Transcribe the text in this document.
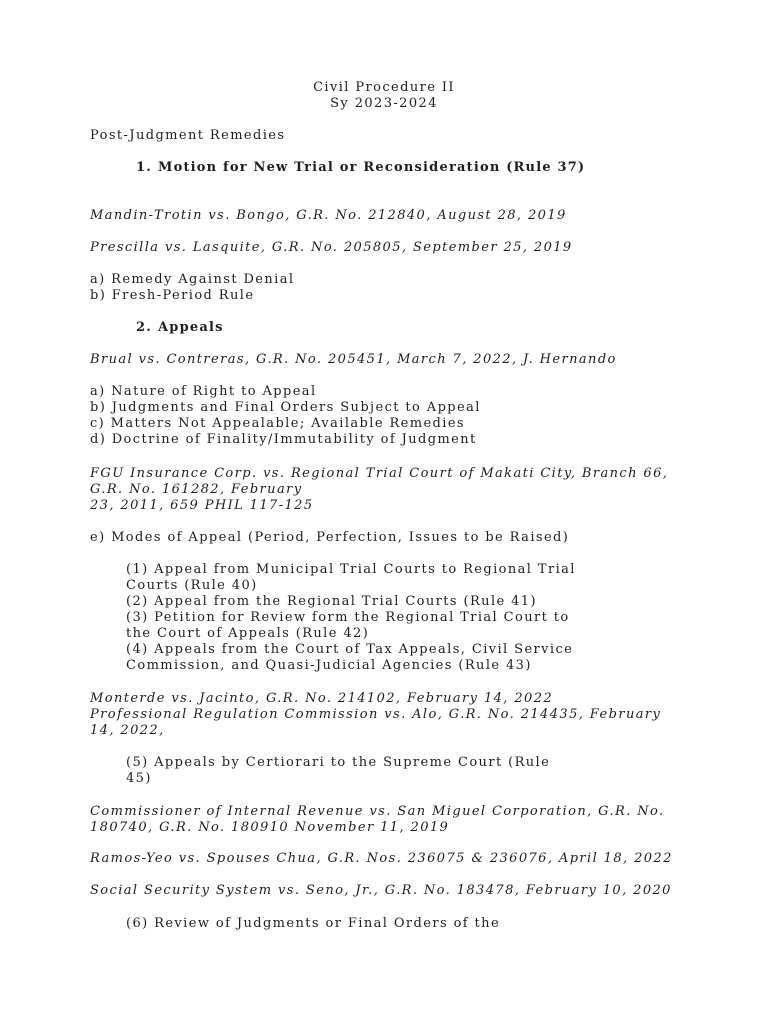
Civil Procedure II

Sy 2023-2024

Post-Judgment Remedies

1. Motion for New Trial or Reconsideration (Rule 37)

Mandin-Trotin vs. Bongo, G.R. No. 212840, August 28, 2019

Prescilla vs. Lasquite, G.R. No. 205805, September 25, 2019

a) Remedy Against Denial

b) Fresh-Period Rule

2. Appeals

Brual vs. Contreras, G.R. No. 205451, March 7, 2022, J. Hernando

a) Nature of Right to Appeal

b) Judgments and Final Orders Subject to Appeal

c) Matters Not Appealable; Available Remedies

d) Doctrine of Finality/Immutability of Judgment

FGU Insurance Corp. vs. Regional Trial Court of Makati City, Branch 66,

G.R. No. 161282, February

23, 2011, 659 PHIL 117-125

e) Modes of Appeal (Period, Perfection, Issues to be Raised)

(1) Appeal from Municipal Trial Courts to Regional Trial

Courts (Rule 40)

(2) Appeal from the Regional Trial Courts (Rule 41)

(3) Petition for Review form the Regional Trial Court to

the Court of Appeals (Rule 42)

(4) Appeals from the Court of Tax Appeals, Civil Service

Commission, and Quasi-Judicial Agencies (Rule 43)

Monterde vs. Jacinto, G.R. No. 214102, February 14, 2022

Professional Regulation Commission vs. Alo, G.R. No. 214435, February

14, 2022,

(5) Appeals by Certiorari to the Supreme Court (Rule

45)

Commissioner of Internal Revenue vs. San Miguel Corporation, G.R. No.

180740, G.R. No. 180910 November 11, 2019

Ramos-Yeo vs. Spouses Chua, G.R. Nos. 236075 & 236076, April 18, 2022

Social Security System vs. Seno, Jr., G.R. No. 183478, February 10, 2020

(6) Review of Judgments or Final Orders of the
